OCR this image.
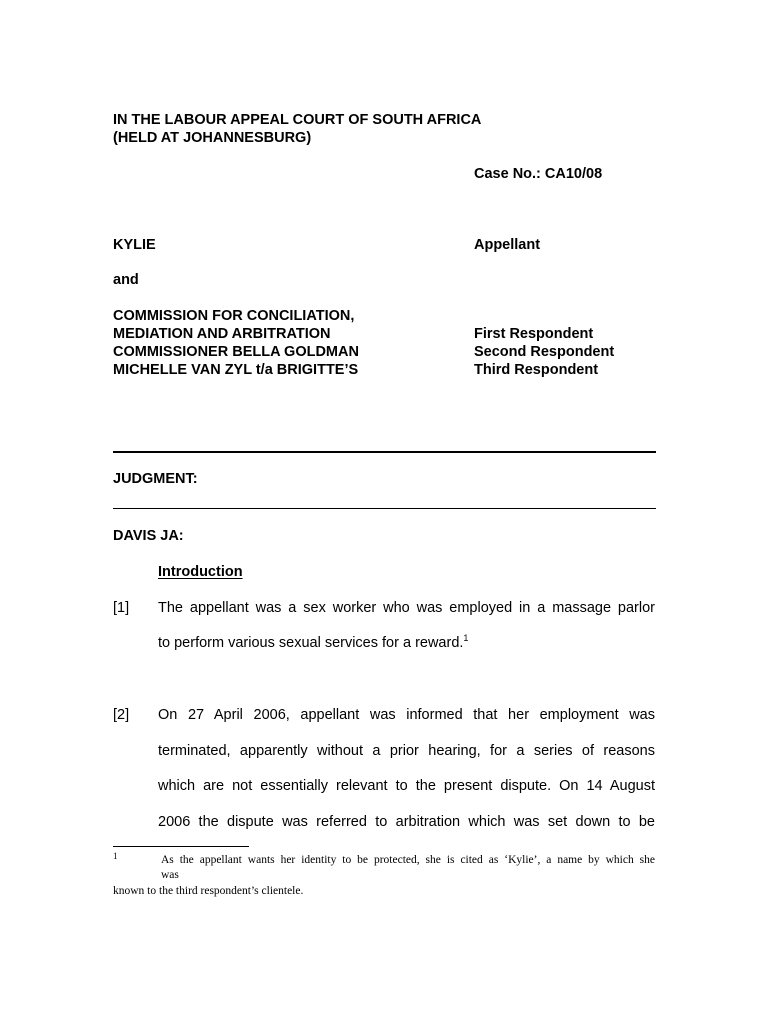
IN THE LABOUR APPEAL COURT OF SOUTH AFRICA
(HELD AT JOHANNESBURG)
Case No.: CA10/08
KYLIE	Appellant
and
COMMISSION FOR CONCILIATION,
MEDIATION AND ARBITRATION
COMMISSIONER BELLA GOLDMAN
MICHELLE VAN ZYL t/a BRIGITTE’S
First Respondent
Second Respondent
Third Respondent
JUDGMENT:
DAVIS JA:
Introduction
[1] The appellant was a sex worker who was employed in a massage parlor
to perform various sexual services for a reward.$^1$
[2] On 27 April 2006, appellant was informed that her employment was
terminated, apparently without a prior hearing, for a series of reasons
which are not essentially relevant to the present dispute. On 14 August
2006 the dispute was referred to arbitration which was set down to be
1	As the appellant wants her identity to be protected, she is cited as ‘Kylie’, a name by which she
was
known to the third respondent’s clientele.
